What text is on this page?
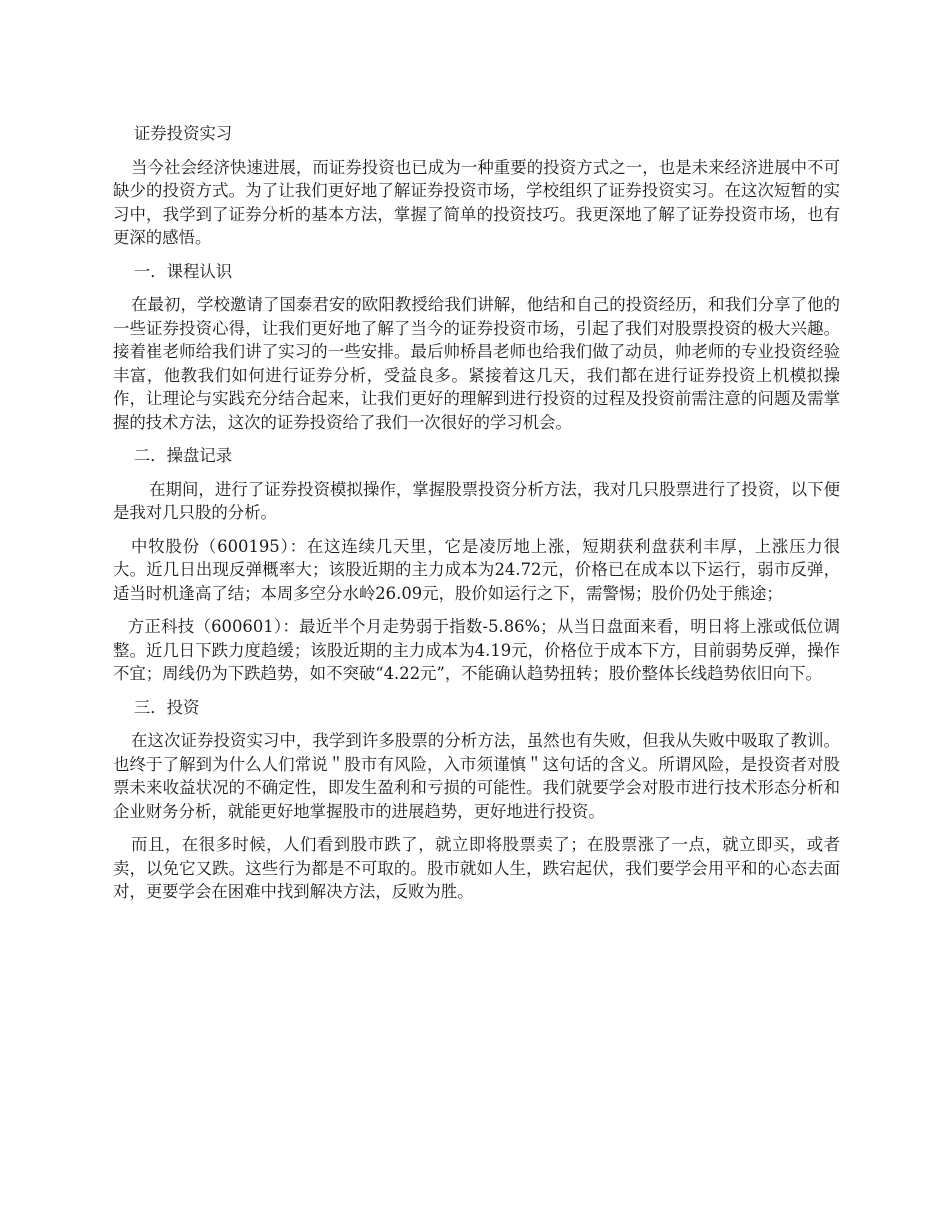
证券投资实习

当今社会经济快速进展，而证券投资也已成为一种重要的投资方式之一，也是未来经济进展中不可缺少的投资方式。为了让我们更好地了解证券投资市场，学校组织了证券投资实习。在这次短暂的实习中，我学到了证券分析的基本方法，掌握了简单的投资技巧。我更深地了解了证券投资市场，也有更深的感悟。

一．课程认识

在最初，学校邀请了国泰君安的欧阳教授给我们讲解，他结和自己的投资经历，和我们分享了他的一些证券投资心得，让我们更好地了解了当今的证券投资市场，引起了我们对股票投资的极大兴趣。接着崔老师给我们讲了实习的一些安排。最后帅桥昌老师也给我们做了动员，帅老师的专业投资经验丰富，他教我们如何进行证券分析，受益良多。紧接着这几天，我们都在进行证券投资上机模拟操作，让理论与实践充分结合起来，让我们更好的理解到进行投资的过程及投资前需注意的问题及需掌握的技术方法，这次的证券投资给了我们一次很好的学习机会。

二．操盘记录

在期间，进行了证券投资模拟操作，掌握股票投资分析方法，我对几只股票进行了投资，以下便是我对几只股的分析。

中牧股份（600195）：在这连续几天里，它是凌厉地上涨，短期获利盘获利丰厚，上涨压力很大。近几日出现反弹概率大；该股近期的主力成本为24.72元，价格已在成本以下运行，弱市反弹，适当时机逢高了结；本周多空分水岭26.09元，股价如运行之下，需警惕；股价仍处于熊途；

方正科技（600601）：最近半个月走势弱于指数-5.86%；从当日盘面来看，明日将上涨或低位调整。近几日下跌力度趋缓；该股近期的主力成本为4.19元，价格位于成本下方，目前弱势反弹，操作不宜；周线仍为下跌趋势，如不突破“4.22元”，不能确认趋势扭转；股价整体长线趋势依旧向下。

三．投资

在这次证券投资实习中，我学到许多股票的分析方法，虽然也有失败，但我从失败中吸取了教训。也终于了解到为什么人们常说＂股市有风险，入市须谨慎＂这句话的含义。所谓风险，是投资者对股票未来收益状况的不确定性，即发生盈利和亏损的可能性。我们就要学会对股市进行技术形态分析和企业财务分析，就能更好地掌握股市的进展趋势，更好地进行投资。

而且，在很多时候，人们看到股市跌了，就立即将股票卖了；在股票涨了一点，就立即买，或者卖，以免它又跌。这些行为都是不可取的。股市就如人生，跌宕起伏，我们要学会用平和的心态去面对，更要学会在困难中找到解决方法，反败为胜。
